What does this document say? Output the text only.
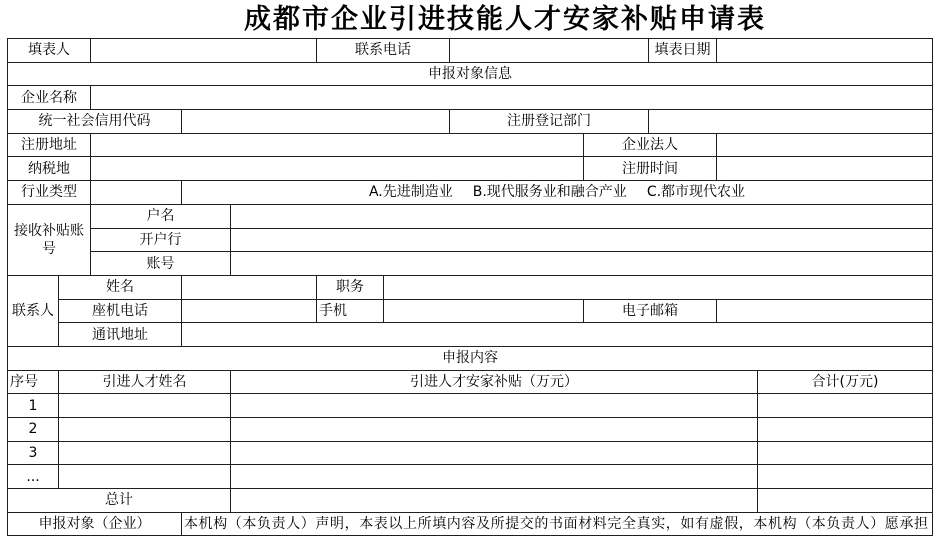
成都市企业引进技能人才安家补贴申请表
填表人					联系电话				填表日期		
申报对象信息											
企业名称											
统一社会信用代码							注册登记部门				
注册地址								企业法人			
纳税地								注册时间			
行业类型			A.先进制造业 B.现代服务业和融合产业 C.都市现代农业								
接收补贴账号		户名									
		开户行									
		账号									
联系人	姓名				职务						
	座机电话				手机			电子邮箱			
	通讯地址										
申报内容											
序号	引进人才姓名			引进人才安家补贴（万元）							合计(万元)
1											
2											
3											
...											
总计											
申报对象（企业）			本机构（本负责人）声明，本表以上所填内容及所提交的书面材料完全真实，如有虚假，本机构（本负责人）愿承担								
